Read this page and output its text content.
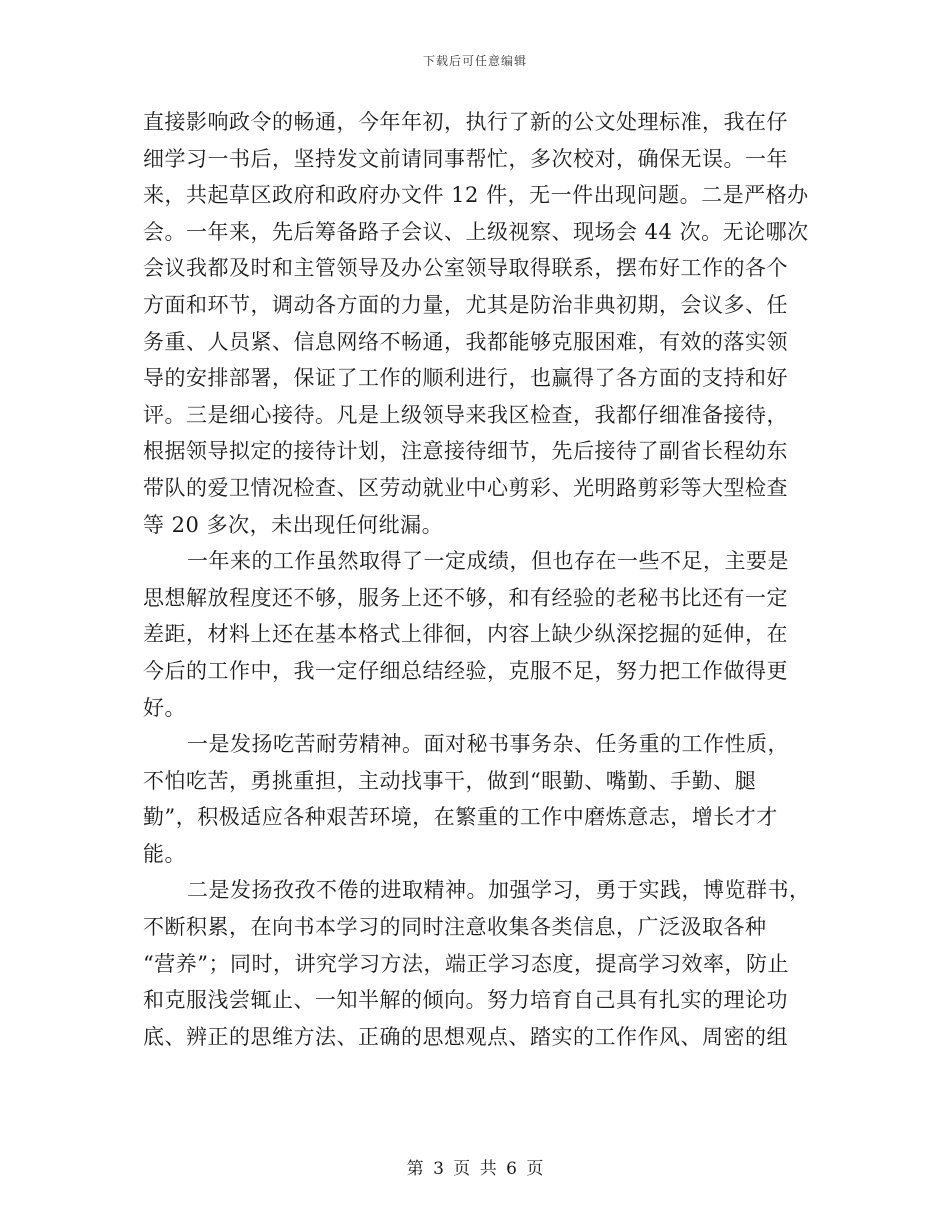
下载后可任意编辑
直接影响政令的畅通，今年年初，执行了新的公文处理标准，我在仔
细学习一书后，坚持发文前请同事帮忙，多次校对，确保无误。一年
来，共起草区政府和政府办文件 12 件，无一件出现问题。二是严格办
会。一年来，先后筹备路子会议、上级视察、现场会 44 次。无论哪次
会议我都及时和主管领导及办公室领导取得联系，摆布好工作的各个
方面和环节，调动各方面的力量，尤其是防治非典初期，会议多、任
务重、人员紧、信息网络不畅通，我都能够克服困难，有效的落实领
导的安排部署，保证了工作的顺利进行，也赢得了各方面的支持和好
评。三是细心接待。凡是上级领导来我区检查，我都仔细准备接待，
根据领导拟定的接待计划，注意接待细节，先后接待了副省长程幼东
带队的爱卫情况检查、区劳动就业中心剪彩、光明路剪彩等大型检查
等 20 多次，未出现任何纰漏。
一年来的工作虽然取得了一定成绩，但也存在一些不足，主要是
思想解放程度还不够，服务上还不够，和有经验的老秘书比还有一定
差距，材料上还在基本格式上徘徊，内容上缺少纵深挖掘的延伸，在
今后的工作中，我一定仔细总结经验，克服不足，努力把工作做得更
好。
一是发扬吃苦耐劳精神。面对秘书事务杂、任务重的工作性质，
不怕吃苦，勇挑重担，主动找事干，做到“眼勤、嘴勤、手勤、腿
勤”，积极适应各种艰苦环境，在繁重的工作中磨炼意志，增长才才
能。
二是发扬孜孜不倦的进取精神。加强学习，勇于实践，博览群书，
不断积累，在向书本学习的同时注意收集各类信息，广泛汲取各种
“营养”；同时，讲究学习方法，端正学习态度，提高学习效率，防止
和克服浅尝辄止、一知半解的倾向。努力培育自己具有扎实的理论功
底、辨正的思维方法、正确的思想观点、踏实的工作作风、周密的组
第 3 页 共 6 页
